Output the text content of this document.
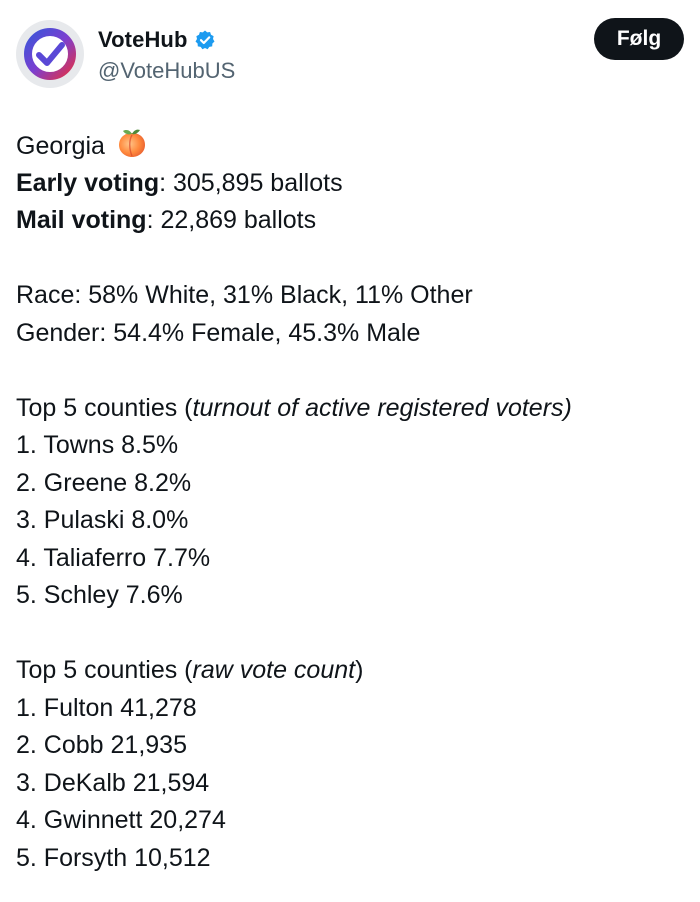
VoteHub
@VoteHubUS
Følg
Georgia
Early voting: 305,895 ballots
Mail voting: 22,869 ballots
Race: 58% White, 31% Black, 11% Other
Gender: 54.4% Female, 45.3% Male
Top 5 counties (turnout of active registered voters)
1. Towns 8.5%
2. Greene 8.2%
3. Pulaski 8.0%
4. Taliaferro 7.7%
5. Schley 7.6%
Top 5 counties (raw vote count)
1. Fulton 41,278
2. Cobb 21,935
3. DeKalb 21,594
4. Gwinnett 20,274
5. Forsyth 10,512
